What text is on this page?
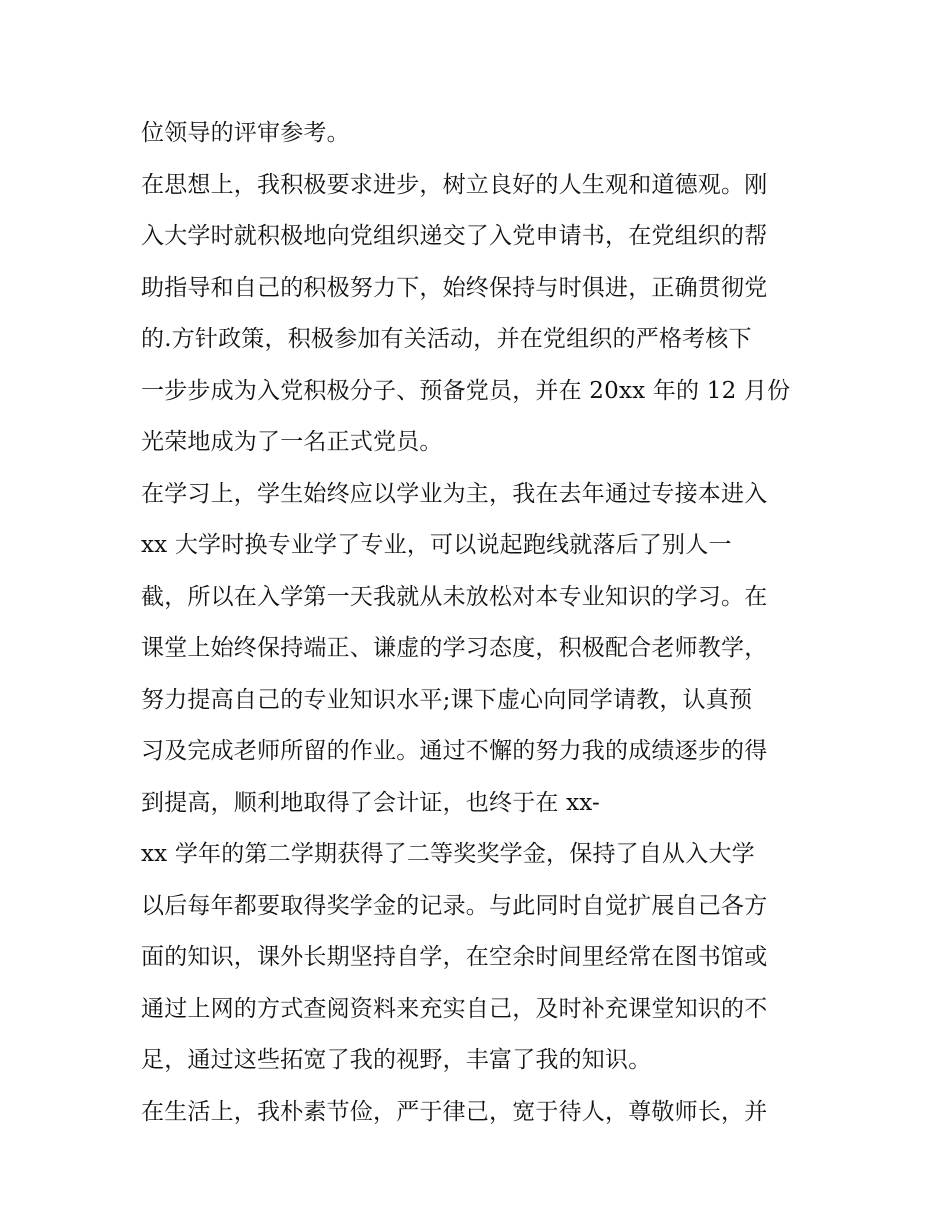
位领导的评审参考。
在思想上，我积极要求进步，树立良好的人生观和道德观。刚
入大学时就积极地向党组织递交了入党申请书，在党组织的帮
助指导和自己的积极努力下，始终保持与时俱进，正确贯彻党
的.方针政策，积极参加有关活动，并在党组织的严格考核下
一步步成为入党积极分子、预备党员，并在 20xx 年的 12 月份
光荣地成为了一名正式党员。
在学习上，学生始终应以学业为主，我在去年通过专接本进入
xx 大学时换专业学了专业，可以说起跑线就落后了别人一
截，所以在入学第一天我就从未放松对本专业知识的学习。在
课堂上始终保持端正、谦虚的学习态度，积极配合老师教学，
努力提高自己的专业知识水平;课下虚心向同学请教，认真预
习及完成老师所留的作业。通过不懈的努力我的成绩逐步的得
到提高，顺利地取得了会计证，也终于在 xx-
xx 学年的第二学期获得了二等奖奖学金，保持了自从入大学
以后每年都要取得奖学金的记录。与此同时自觉扩展自己各方
面的知识，课外长期坚持自学，在空余时间里经常在图书馆或
通过上网的方式查阅资料来充实自己，及时补充课堂知识的不
足，通过这些拓宽了我的视野，丰富了我的知识。
在生活上，我朴素节俭，严于律己，宽于待人，尊敬师长，并
